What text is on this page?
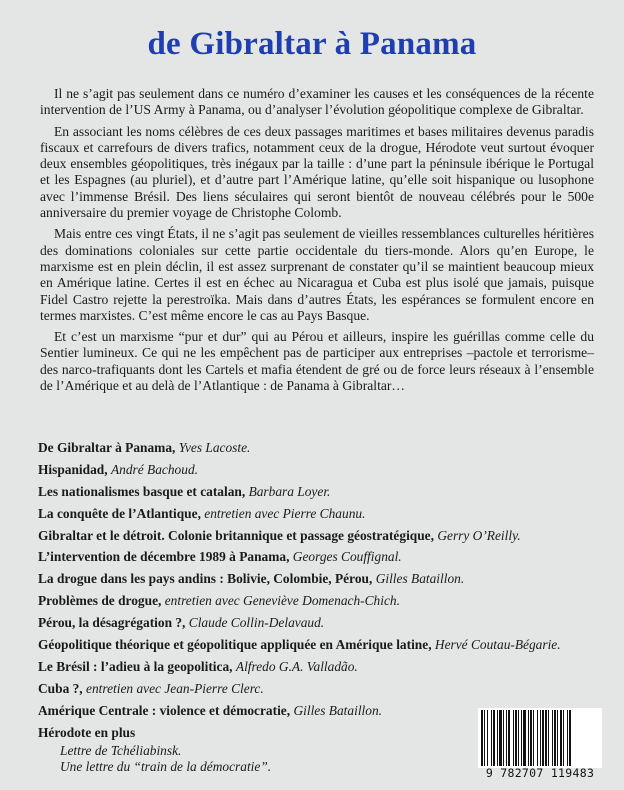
de Gibraltar à Panama

Il ne s’agit pas seulement dans ce numéro d’examiner les causes et les conséquences de la récente intervention de l’US Army à Panama, ou d’analyser l’évolution géopolitique complexe de Gibraltar.

En associant les noms célèbres de ces deux passages maritimes et bases militaires devenus paradis fiscaux et carrefours de divers trafics, notamment ceux de la drogue, Hérodote veut surtout évoquer deux ensembles géopolitiques, très inégaux par la taille : d’une part la péninsule ibérique le Portugal et les Espagnes (au pluriel), et d’autre part l’Amérique latine, qu’elle soit hispanique ou lusophone avec l’immense Brésil. Des liens séculaires qui seront bientôt de nouveau célébrés pour le 500e anniversaire du premier voyage de Christophe Colomb.

Mais entre ces vingt États, il ne s’agit pas seulement de vieilles ressemblances culturelles héritières des dominations coloniales sur cette partie occidentale du tiers-monde. Alors qu’en Europe, le marxisme est en plein déclin, il est assez surprenant de constater qu’il se maintient beaucoup mieux en Amérique latine. Certes il est en échec au Nicaragua et Cuba est plus isolé que jamais, puisque Fidel Castro rejette la perestroïka. Mais dans d’autres États, les espérances se formulent encore en termes marxistes. C’est même encore le cas au Pays Basque.

Et c’est un marxisme “pur et dur” qui au Pérou et ailleurs, inspire les guérillas comme celle du Sentier lumineux. Ce qui ne les empêchent pas de participer aux entreprises –pactole et terrorisme– des narco-trafiquants dont les Cartels et mafia étendent de gré ou de force leurs réseaux à l’ensemble de l’Amérique et au delà de l’Atlantique : de Panama à Gibraltar…

De Gibraltar à Panama, Yves Lacoste.
Hispanidad, André Bachoud.
Les nationalismes basque et catalan, Barbara Loyer.
La conquête de l’Atlantique, entretien avec Pierre Chaunu.
Gibraltar et le détroit. Colonie britannique et passage géostratégique, Gerry O’Reilly.
L’intervention de décembre 1989 à Panama, Georges Couffignal.
La drogue dans les pays andins : Bolivie, Colombie, Pérou, Gilles Bataillon.
Problèmes de drogue, entretien avec Geneviève Domenach-Chich.
Pérou, la désagrégation ?, Claude Collin-Delavaud.
Géopolitique théorique et géopolitique appliquée en Amérique latine, Hervé Coutau-Bégarie.
Le Brésil : l’adieu à la geopolitica, Alfredo G.A. Valladão.
Cuba ?, entretien avec Jean-Pierre Clerc.
Amérique Centrale : violence et démocratie, Gilles Bataillon.
Hérodote en plus
Lettre de Tchéliabinsk.
Une lettre du “train de la démocratie”.	9 782707 119483
